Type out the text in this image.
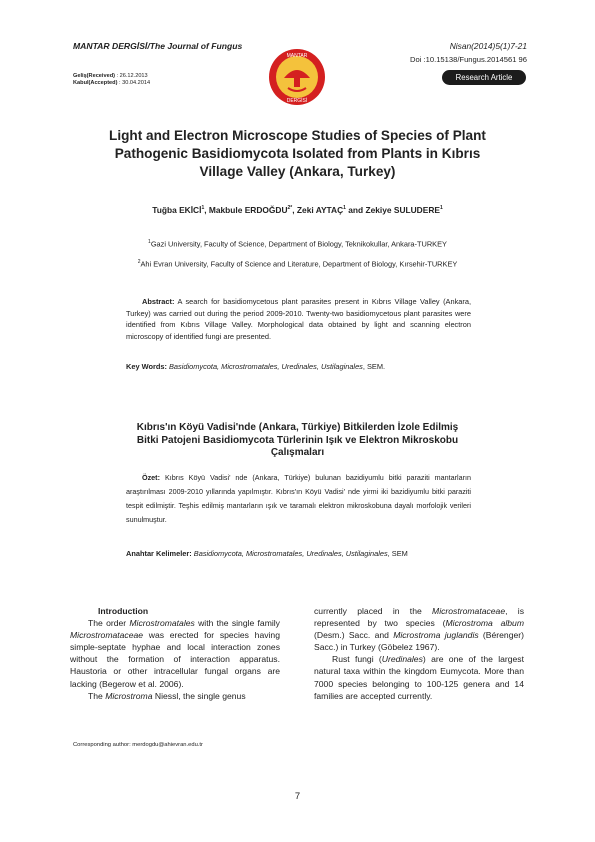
MANTAR DERGİSİ/The Journal of Fungus	Nisan(2014)5(1)7-21
Doi :10.15138/Fungus.2014561 96
Research Article
Geliş(Received) : 26.12.2013
Kabul(Accepted) : 30.04.2014
MANTAR
DERGİSİ
Light and Electron Microscope Studies of Species of Plant
Pathogenic Basidiomycota Isolated from Plants in Kıbrıs
Village Valley (Ankara, Turkey)
Tuğba EKİCİ$^1$, Makbule $ERDOĞDU^{2*}$, Zeki AYTAÇ$^1$ and Zekiye SULUDERE$^1$
$^1$Gazi University, Faculty of Science, Department of Biology, Teknikokullar, Ankara-TURKEY
$^2$Ahi Evran University, Faculty of Science and Literature, Department of Biology, Kırsehir-TURKEY
Abstract: A search for basidiomycetous plant parasites present in Kıbrıs Village Valley (Ankara, Turkey) was carried out during the period 2009-2010. Twenty-two basidiomycetous plant parasites were identified from Kıbrıs Village Valley. Morphological data obtained by light and scanning electron microscopy of identified fungi are presented.
Key Words: Basidiomycota, Microstromatales, Uredinales, Ustilaginales, SEM.
Kıbrıs'ın Köyü Vadisi'nde (Ankara, Türkiye) Bitkilerden İzole Edilmiş
Bitki Patojeni Basidiomycota Türlerinin Işık ve Elektron Mikroskobu
Çalışmaları
Özet: Kıbrıs Köyü Vadisi' nde (Ankara, Türkiye) bulunan bazidiyumlu bitki paraziti mantarların araştırılması 2009-2010 yıllarında yapılmıştır. Kıbrıs'ın Köyü Vadisi' nde yirmi iki bazidiyumlu bitki paraziti tespit edilmiştir. Teşhis edilmiş mantarların ışık ve taramalı elektron mikroskobuna dayalı morfolojik verileri sunulmuştur.
Anahtar Kelimeler: Basidiomycota, Microstromatales, Uredinales, Ustilaginales, SEM

Introduction

The order Microstromatales with the single family Microstromataceae was erected for species having simple-septate hyphae and local interaction zones without the formation of interaction apparatus. Haustoria or other intracellular fungal organs are lacking (Begerow et al. 2006).

The Microstroma Niessl, the single genus

currently placed in the Microstromataceae, is represented by two species (Microstroma album (Desm.) Sacc. and Microstroma juglandis (Bérenger) Sacc.) in Turkey (Göbelez 1967).

Rust fungi (Uredinales) are one of the largest natural taxa within the kingdom Eumycota. More than 7000 species belonging to 100-125 genera and 14 families are accepted currently.

Corresponding author: merdogdu@ahievran.edu.tr
7
